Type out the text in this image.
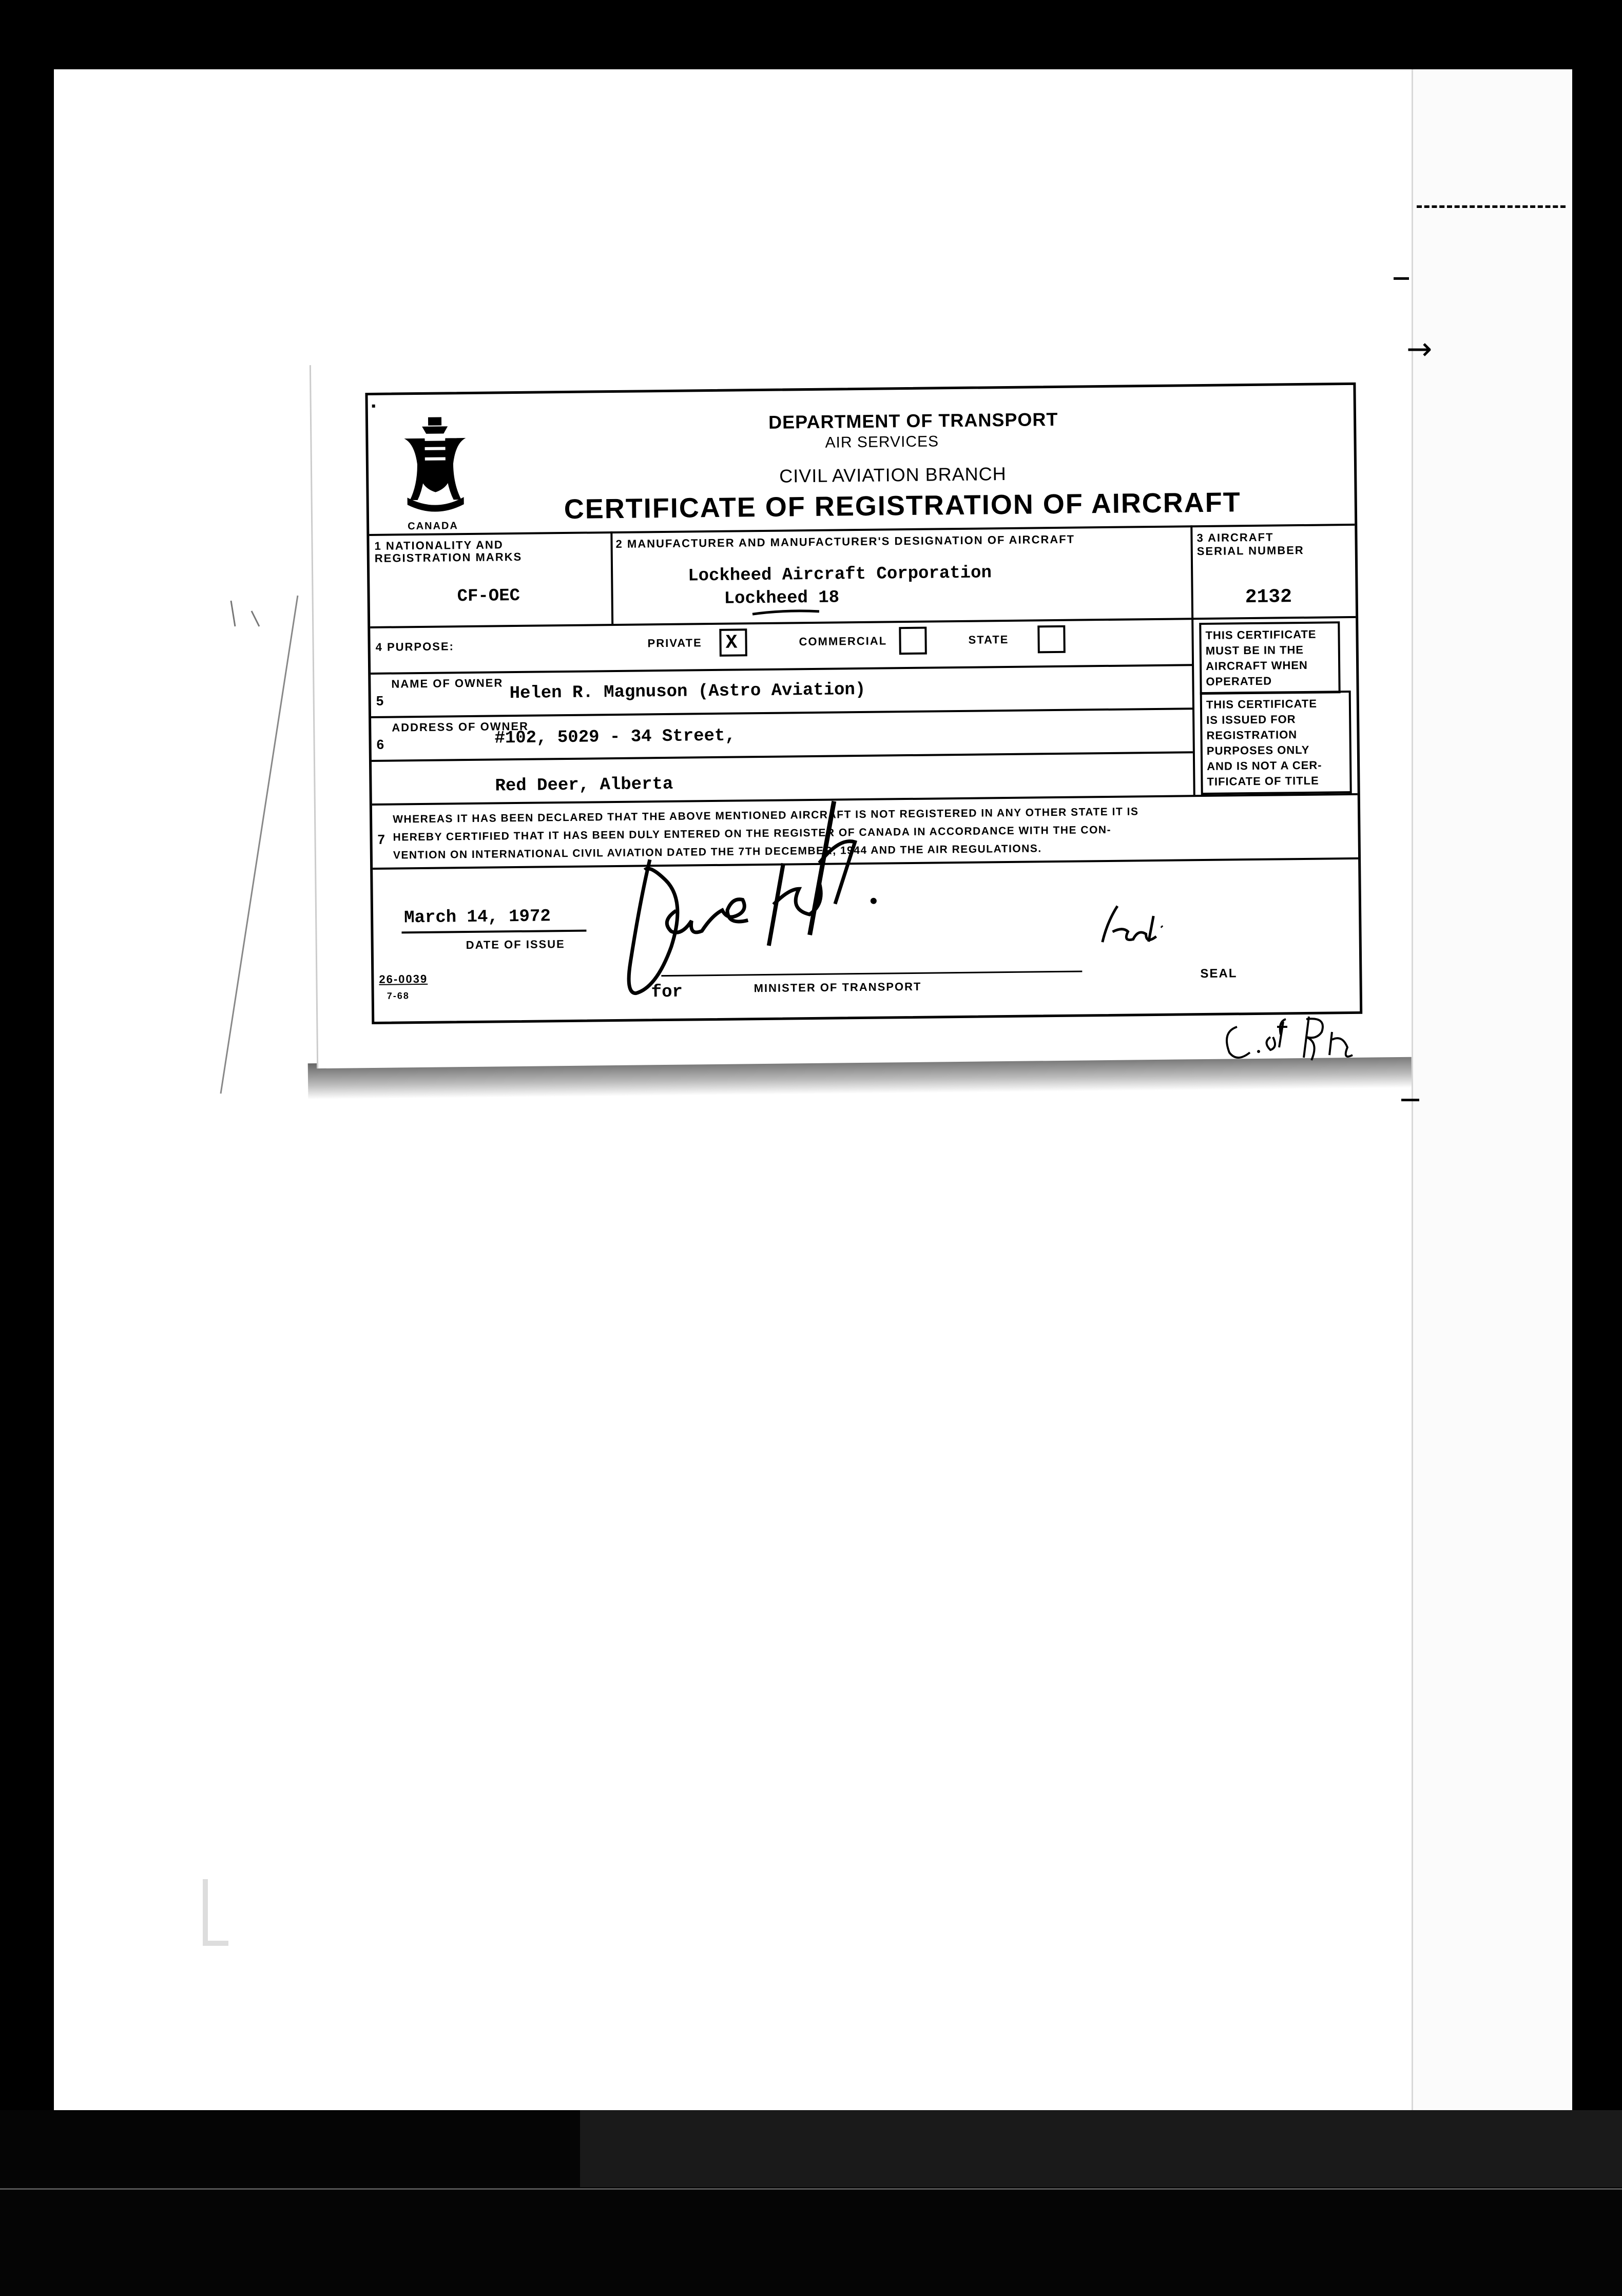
→
CANADA
DEPARTMENT OF TRANSPORT
AIR SERVICES
CIVIL AVIATION BRANCH
CERTIFICATE OF REGISTRATION OF AIRCRAFT
1 NATIONALITY AND
REGISTRATION MARKS
CF-OEC
2 MANUFACTURER AND MANUFACTURER'S DESIGNATION OF AIRCRAFT
Lockheed Aircraft Corporation
Lockheed 18
3 AIRCRAFT
SERIAL NUMBER
2132
4 PURPOSE:	PRIVATE X	COMMERCIAL	STATE	THIS CERTIFICATE
MUST BE IN THE
AIRCRAFT WHEN
OPERATED
THIS CERTIFICATE
IS ISSUED FOR
REGISTRATION
PURPOSES ONLY
AND IS NOT A CER-
TIFICATE OF TITLE
5
NAME OF OWNER Helen R. Magnuson (Astro Aviation)
6
ADDRESS OF OWNER
#102, 5029 - 34 Street,
Red Deer, Alberta
7
WHEREAS IT HAS BEEN DECLARED THAT THE ABOVE MENTIONED AIRCRAFT IS NOT REGISTERED IN ANY OTHER STATE IT IS
HEREBY CERTIFIED THAT IT HAS BEEN DULY ENTERED ON THE REGISTER OF CANADA IN ACCORDANCE WITH THE CON-
VENTION ON INTERNATIONAL CIVIL AVIATION DATED THE 7TH DECEMBER, 1944 AND THE AIR REGULATIONS.
March 14, 1972
DATE OF ISSUE
26-0039
7-68	for	MINISTER OF TRANSPORT
SEAL
